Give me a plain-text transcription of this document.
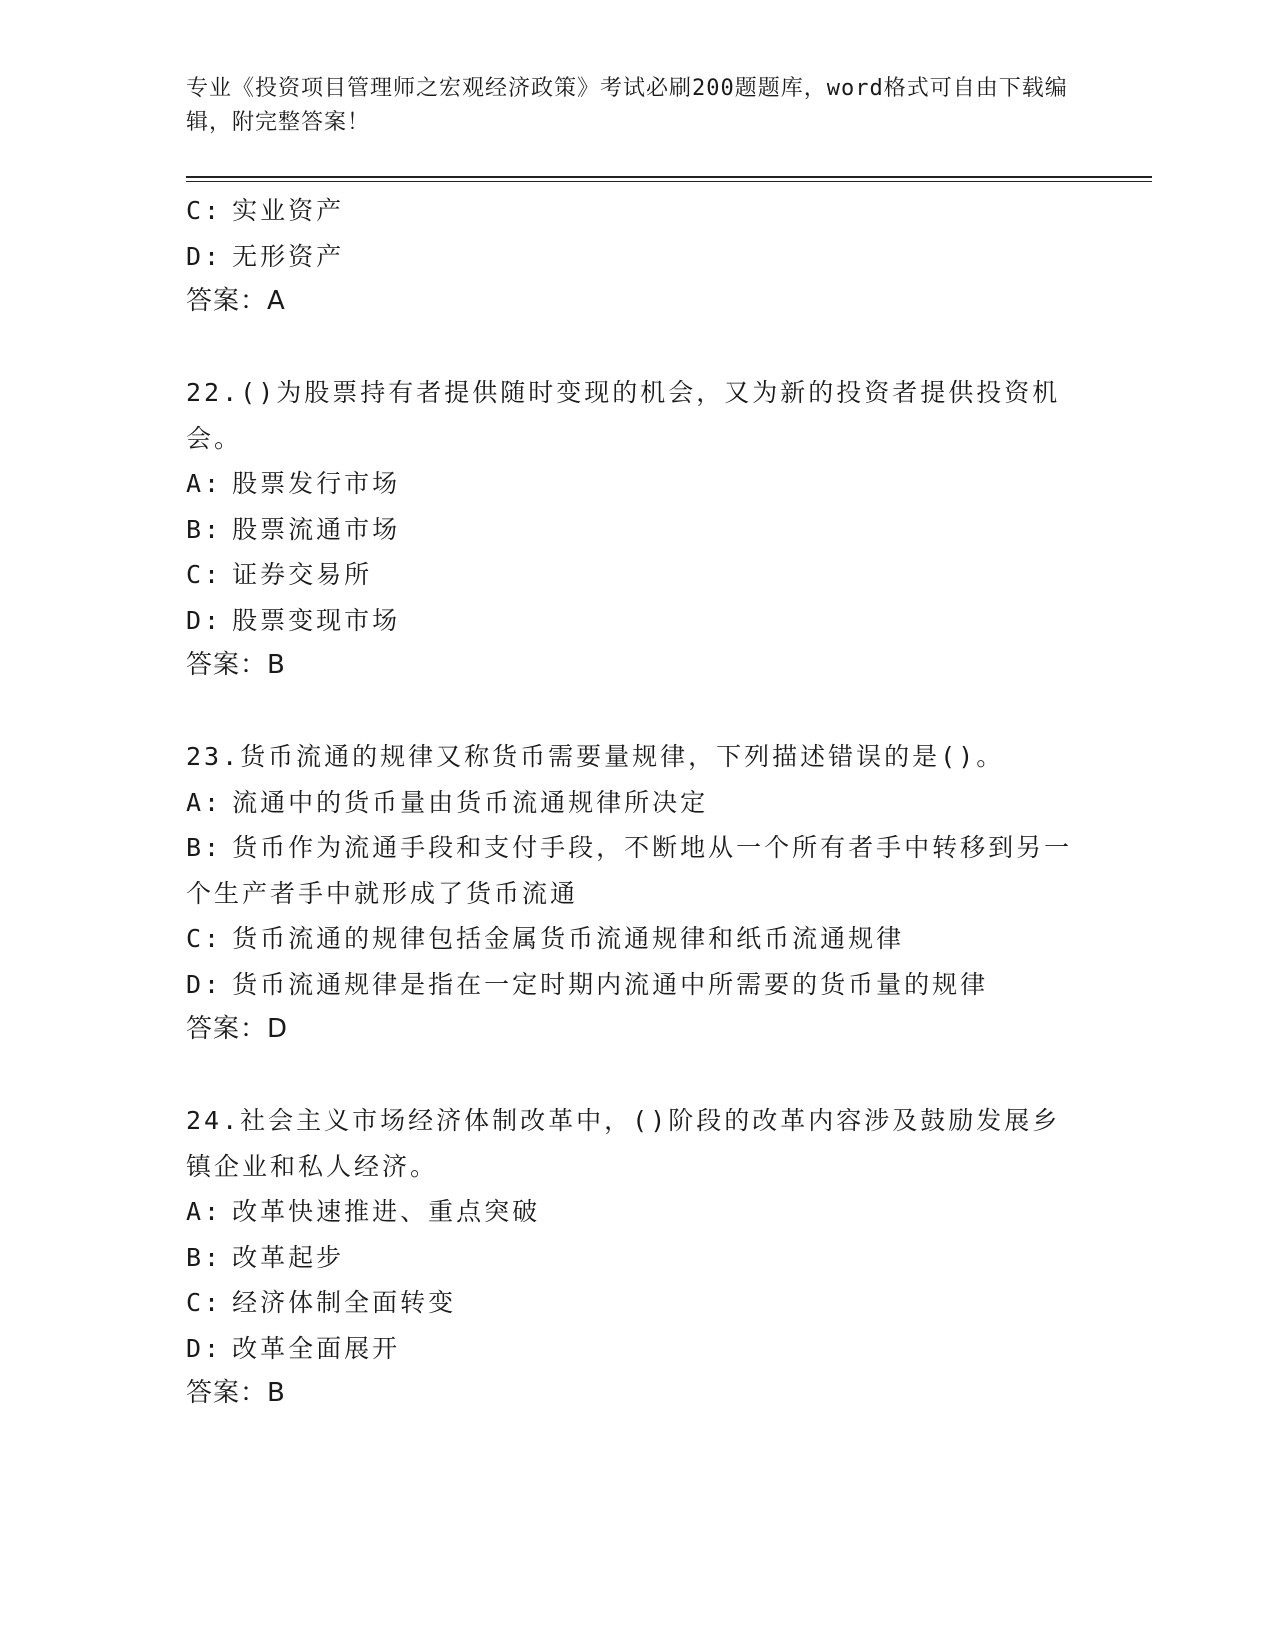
专业《投资项目管理师之宏观经济政策》考试必刷200题题库，word格式可自由下载编辑，附完整答案！
C: 实业资产
D: 无形资产
答案：A
22.()为股票持有者提供随时变现的机会，又为新的投资者提供投资机会。
A: 股票发行市场
B: 股票流通市场
C: 证券交易所
D: 股票变现市场
答案：B
23.货币流通的规律又称货币需要量规律，下列描述错误的是()。
A: 流通中的货币量由货币流通规律所决定
B: 货币作为流通手段和支付手段，不断地从一个所有者手中转移到另一个生产者手中就形成了货币流通
C: 货币流通的规律包括金属货币流通规律和纸币流通规律
D: 货币流通规律是指在一定时期内流通中所需要的货币量的规律
答案：D
24.社会主义市场经济体制改革中，()阶段的改革内容涉及鼓励发展乡镇企业和私人经济。
A: 改革快速推进、重点突破
B: 改革起步
C: 经济体制全面转变
D: 改革全面展开
答案：B
